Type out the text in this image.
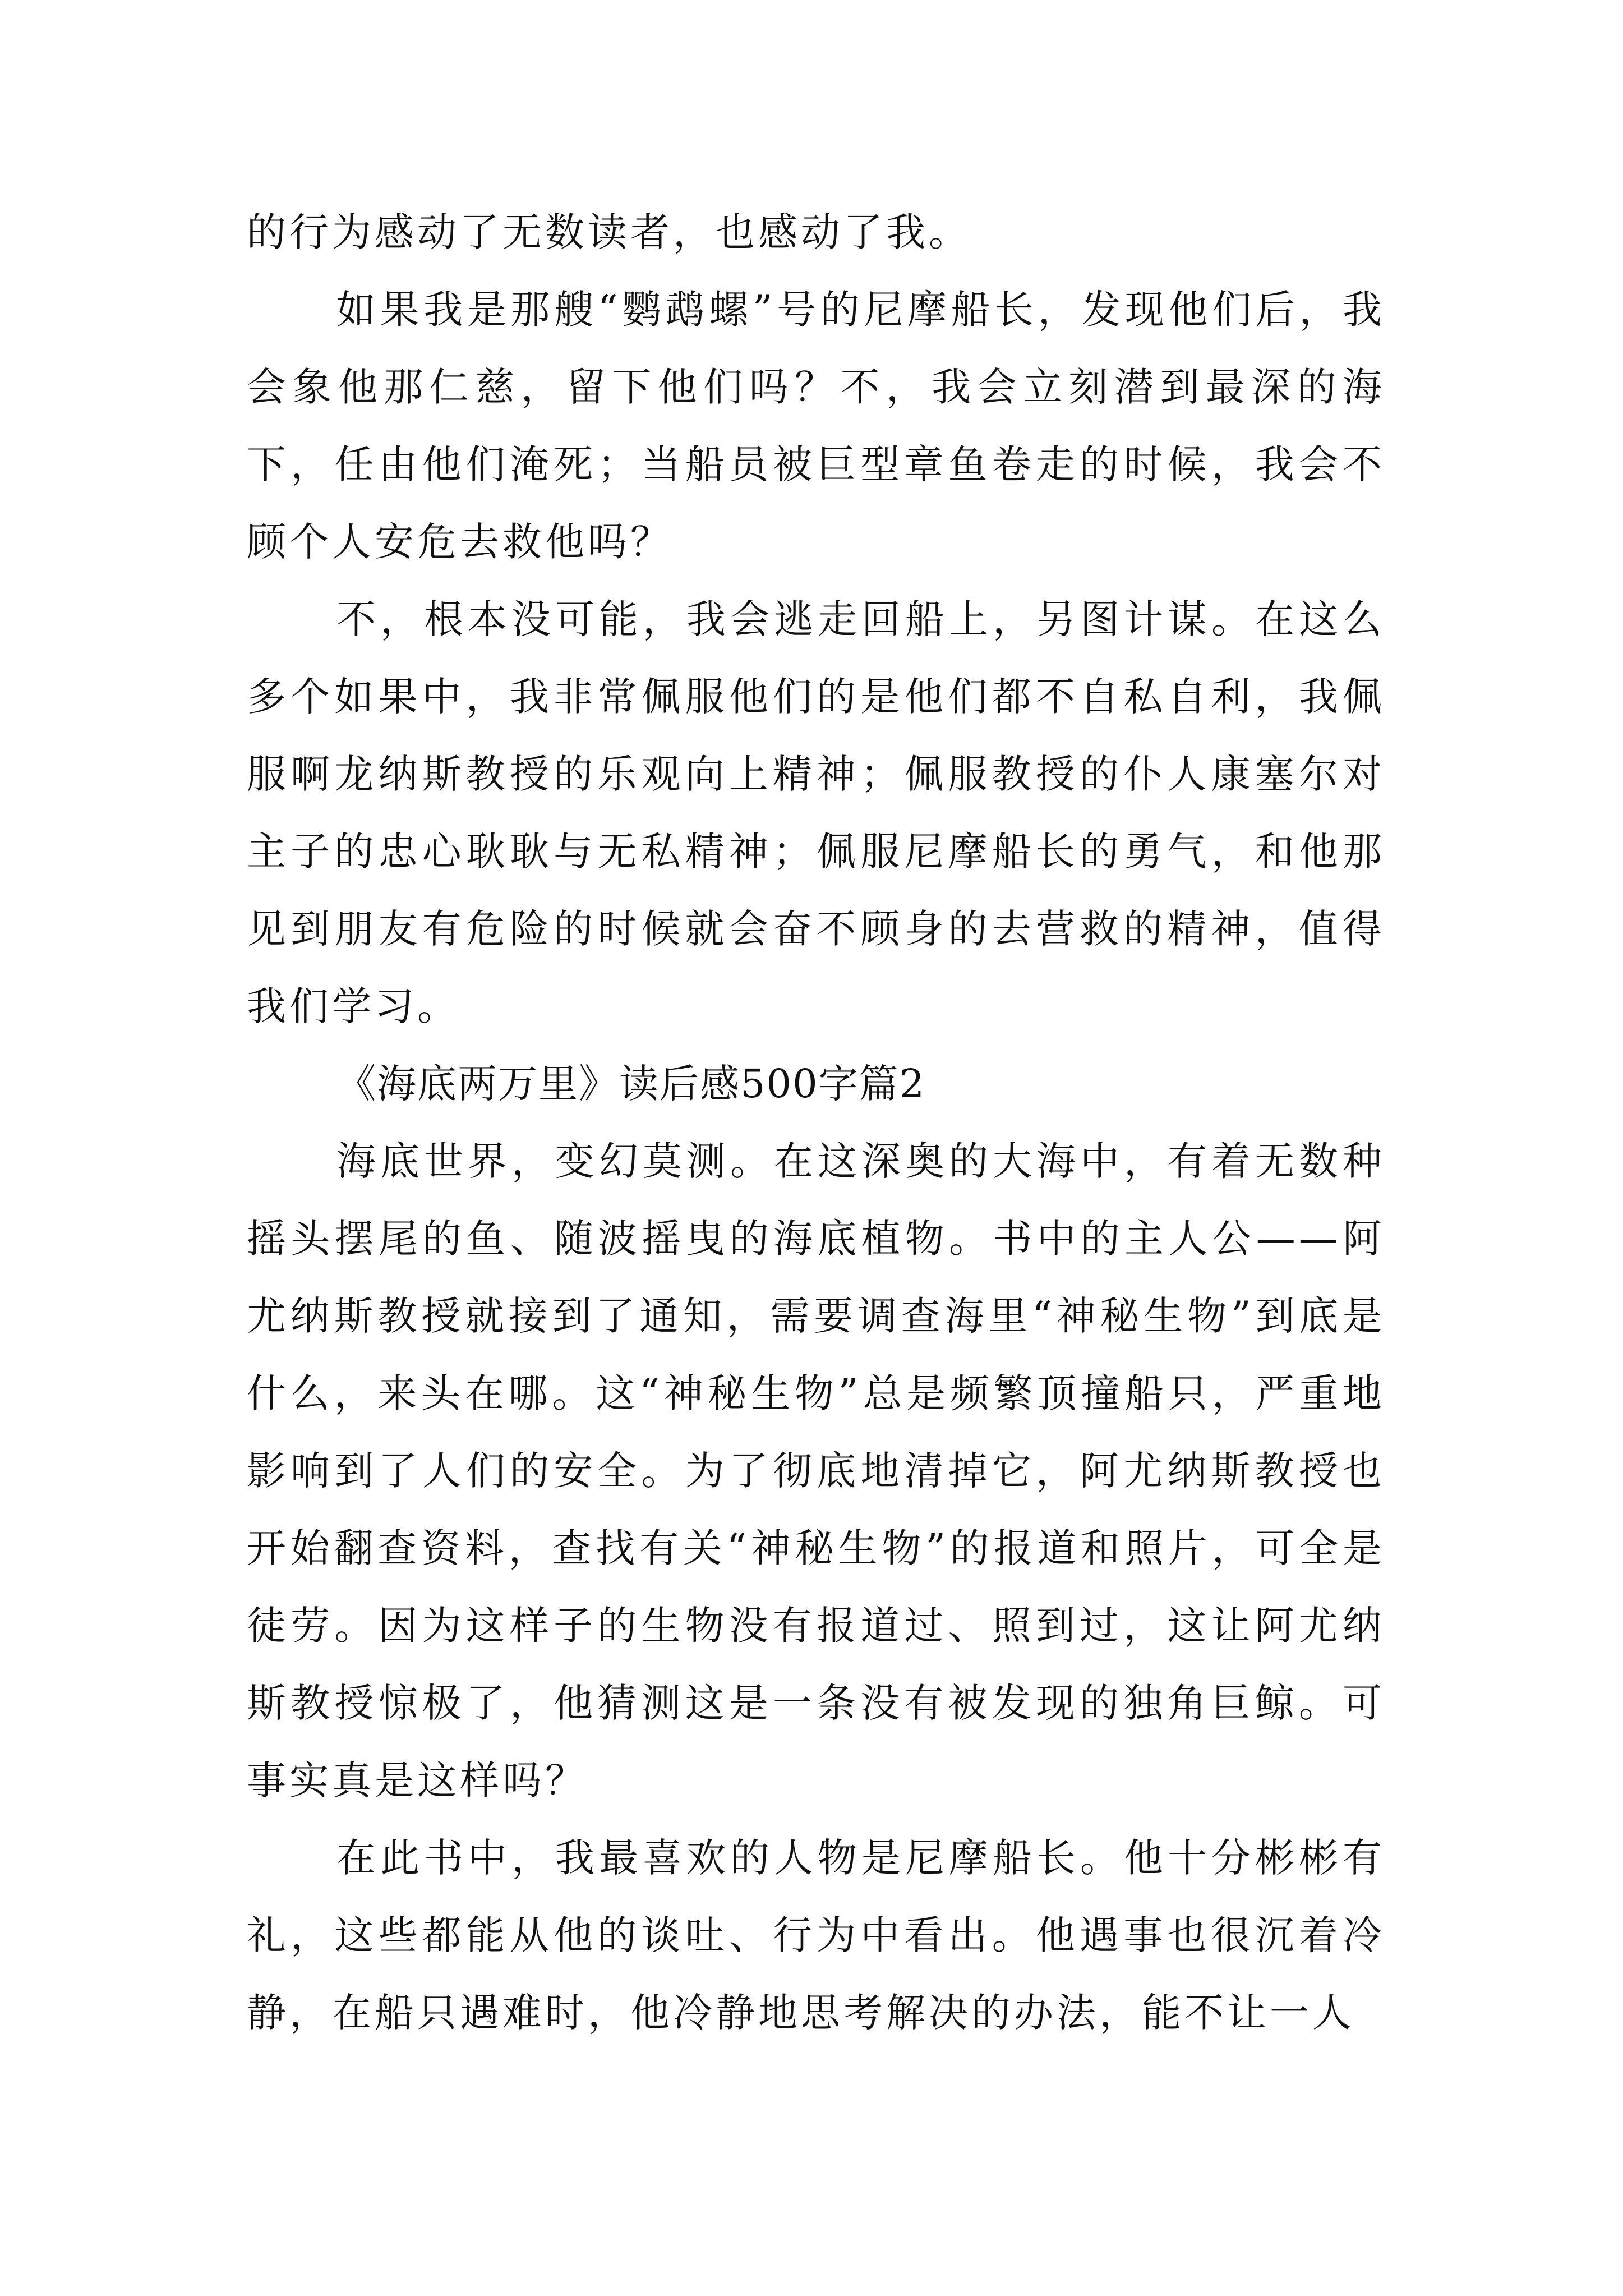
的行为感动了无数读者，也感动了我。

如果我是那艘“鹦鹉螺”号的尼摩船长，发现他们后，我会象他那仁慈，留下他们吗？不，我会立刻潜到最深的海下，任由他们淹死；当船员被巨型章鱼卷走的时候，我会不顾个人安危去救他吗？

不，根本没可能，我会逃走回船上，另图计谋。在这么多个如果中，我非常佩服他们的是他们都不自私自利，我佩服啊龙纳斯教授的乐观向上精神；佩服教授的仆人康塞尔对主子的忠心耿耿与无私精神；佩服尼摩船长的勇气，和他那见到朋友有危险的时候就会奋不顾身的去营救的精神，值得我们学习。

《海底两万里》读后感500字篇2

海底世界，变幻莫测。在这深奥的大海中，有着无数种摇头摆尾的鱼、随波摇曳的海底植物。书中的主人公——阿尤纳斯教授就接到了通知，需要调查海里“神秘生物”到底是什么，来头在哪。这“神秘生物”总是频繁顶撞船只，严重地影响到了人们的安全。为了彻底地清掉它，阿尤纳斯教授也开始翻查资料，查找有关“神秘生物”的报道和照片，可全是徒劳。因为这样子的生物没有报道过、照到过，这让阿尤纳斯教授惊极了，他猜测这是一条没有被发现的独角巨鲸。可事实真是这样吗？

在此书中，我最喜欢的人物是尼摩船长。他十分彬彬有礼，这些都能从他的谈吐、行为中看出。他遇事也很沉着冷静，在船只遇难时，他冷静地思考解决的办法，能不让一人
